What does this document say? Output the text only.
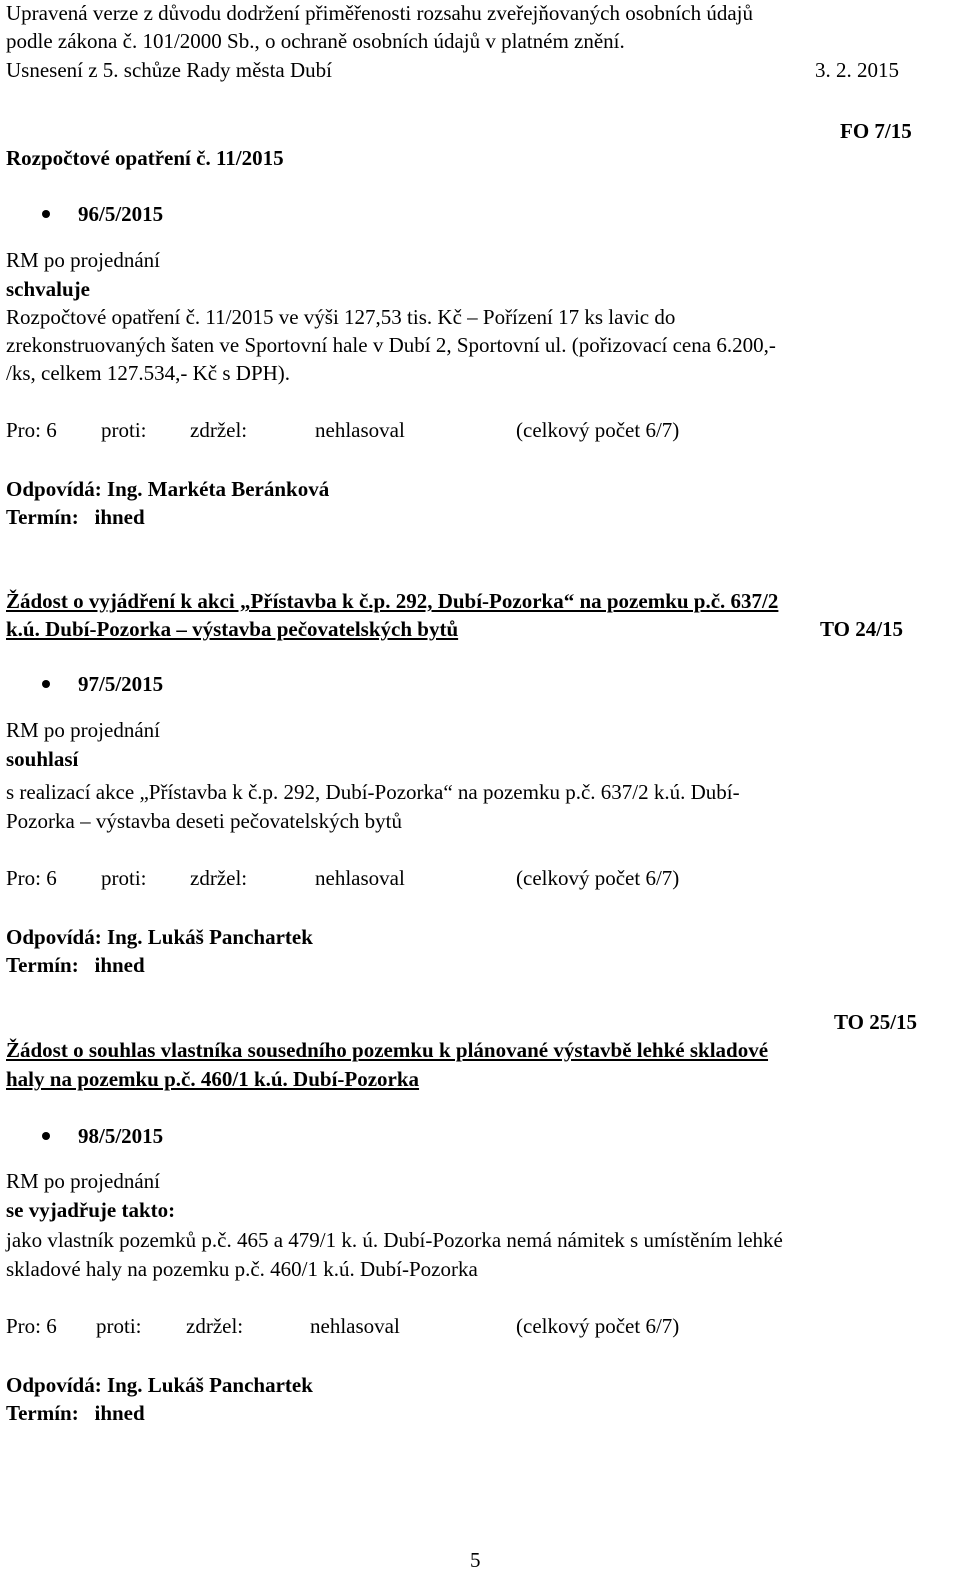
Upravená verze z důvodu dodržení přiměřenosti rozsahu zveřejňovaných osobních údajů
podle zákona č. 101/2000 Sb., o ochraně osobních údajů v platném znění.
Usnesení z 5. schůze Rady města Dubí	3. 2. 2015
FO 7/15
Rozpočtové opatření č. 11/2015
96/5/2015
RM po projednání
schvaluje
Rozpočtové opatření č. 11/2015 ve výši 127,53 tis. Kč – Pořízení 17 ks lavic do
zrekonstruovaných šaten ve Sportovní hale v Dubí 2, Sportovní ul. (pořizovací cena 6.200,-
/ks, celkem 127.534,- Kč s DPH).
Pro: 6 proti: zdržel:	nehlasoval	(celkový počet 6/7)
Odpovídá: Ing. Markéta Beránková
Termín: ihned
Žádost o vyjádření k akci „Přístavba k č.p. 292, Dubí-Pozorka“ na pozemku p.č. 637/2
k.ú. Dubí-Pozorka – výstavba pečovatelských bytů	TO 24/15
97/5/2015
RM po projednání
souhlasí
s realizací akce „Přístavba k č.p. 292, Dubí-Pozorka“ na pozemku p.č. 637/2 k.ú. Dubí-
Pozorka – výstavba deseti pečovatelských bytů
Pro: 6 proti: zdržel:	nehlasoval	(celkový počet 6/7)
Odpovídá: Ing. Lukáš Panchartek
Termín: ihned
TO 25/15
Žádost o souhlas vlastníka sousedního pozemku k plánované výstavbě lehké skladové
haly na pozemku p.č. 460/1 k.ú. Dubí-Pozorka
98/5/2015
RM po projednání
se vyjadřuje takto:
jako vlastník pozemků p.č. 465 a 479/1 k. ú. Dubí-Pozorka nemá námitek s umístěním lehké
skladové haly na pozemku p.č. 460/1 k.ú. Dubí-Pozorka
Pro: 6 proti: zdržel:	nehlasoval	(celkový počet 6/7)
Odpovídá: Ing. Lukáš Panchartek
Termín: ihned
5
